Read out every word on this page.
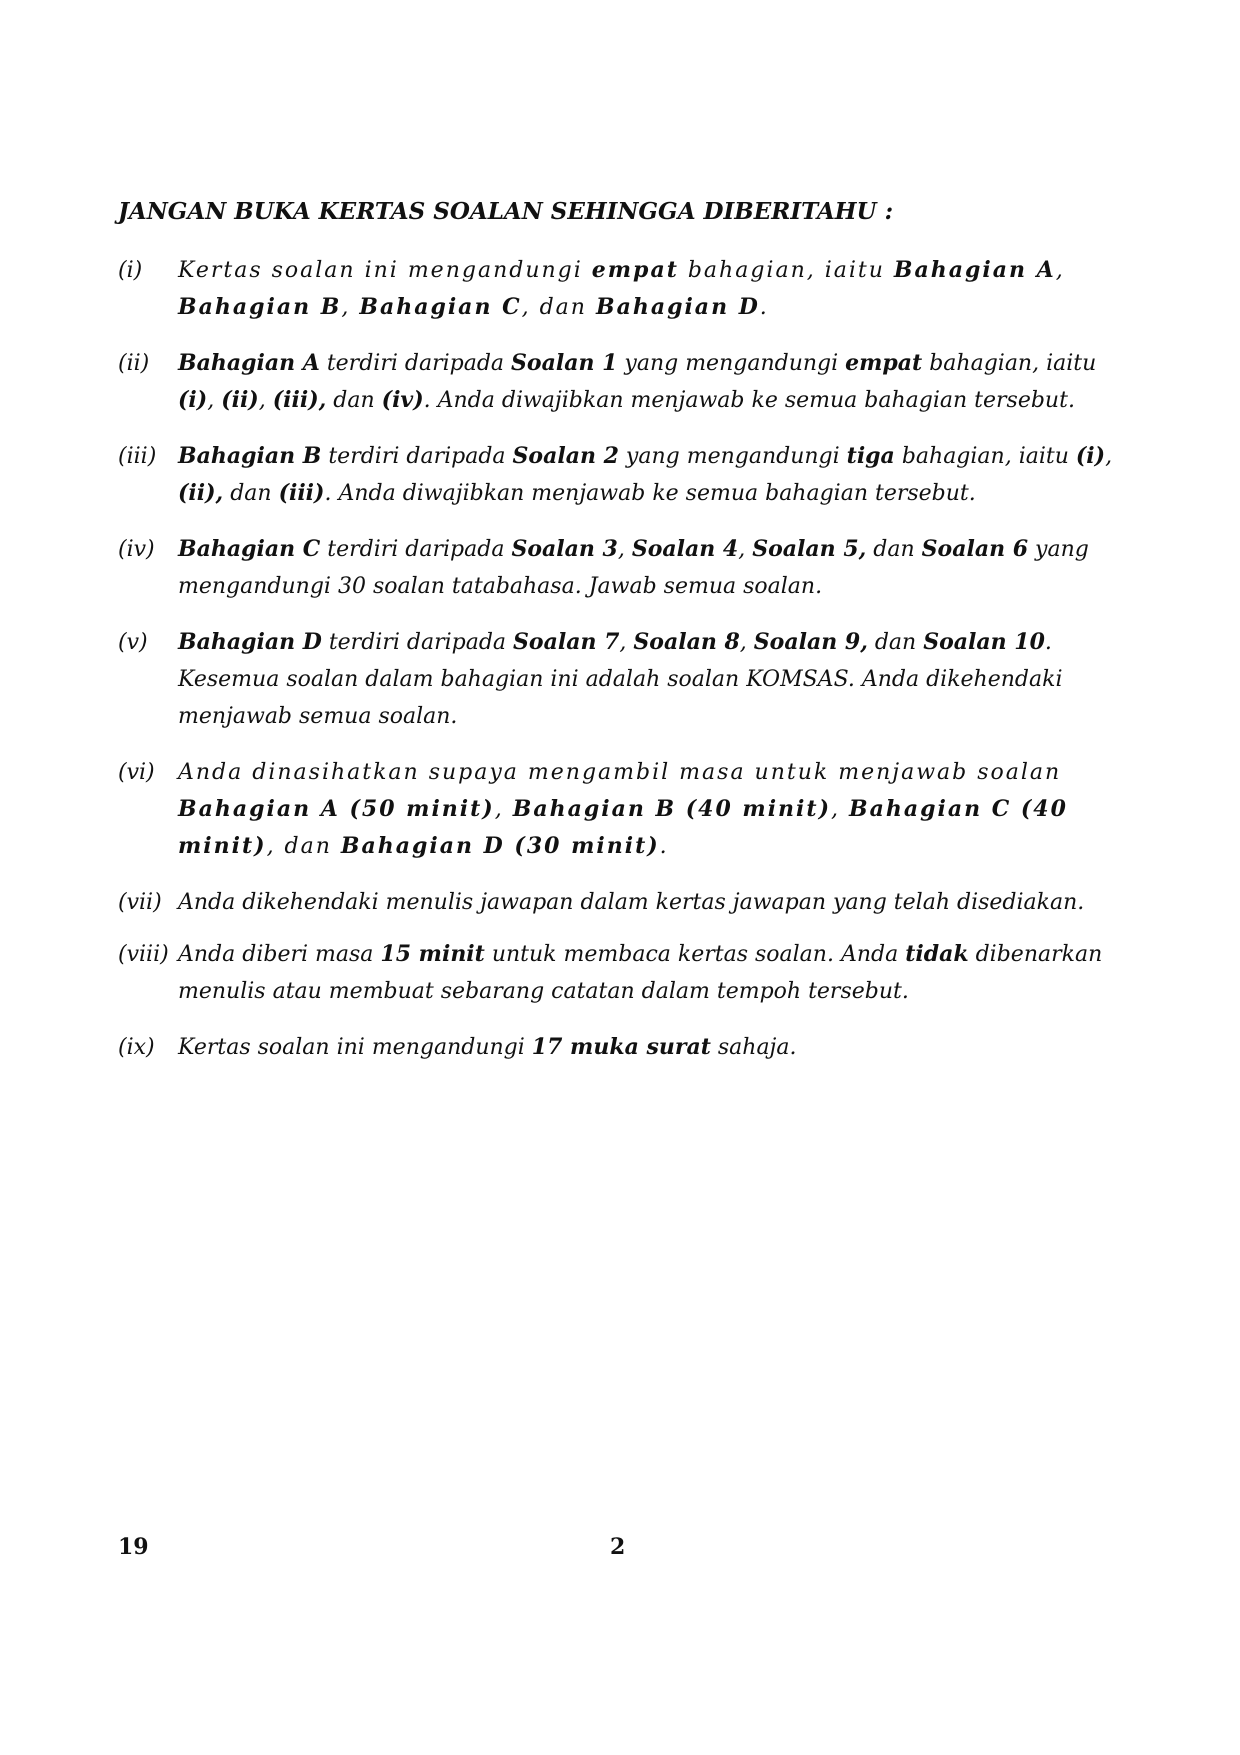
JANGAN BUKA KERTAS SOALAN SEHINGGA DIBERITAHU :
(i) Kertas soalan ini mengandungi empat bahagian, iaitu Bahagian A, Bahagian B, Bahagian C, dan Bahagian D.
(ii) Bahagian A terdiri daripada Soalan 1 yang mengandungi empat bahagian, iaitu (i), (ii), (iii), dan (iv). Anda diwajibkan menjawab ke semua bahagian tersebut.
(iii) Bahagian B terdiri daripada Soalan 2 yang mengandungi tiga bahagian, iaitu (i), (ii), dan (iii). Anda diwajibkan menjawab ke semua bahagian tersebut.
(iv) Bahagian C terdiri daripada Soalan 3, Soalan 4, Soalan 5, dan Soalan 6 yang mengandungi 30 soalan tatabahasa. Jawab semua soalan.
(v) Bahagian D terdiri daripada Soalan 7, Soalan 8, Soalan 9, dan Soalan 10. Kesemua soalan dalam bahagian ini adalah soalan KOMSAS. Anda dikehendaki menjawab semua soalan.
(vi) Anda dinasihatkan supaya mengambil masa untuk menjawab soalan Bahagian A (50 minit), Bahagian B (40 minit), Bahagian C (40 minit), dan Bahagian D (30 minit).
(vii) Anda dikehendaki menulis jawapan dalam kertas jawapan yang telah disediakan.
(viii) Anda diberi masa 15 minit untuk membaca kertas soalan. Anda tidak dibenarkan menulis atau membuat sebarang catatan dalam tempoh tersebut.
(ix) Kertas soalan ini mengandungi 17 muka surat sahaja.
19	2
